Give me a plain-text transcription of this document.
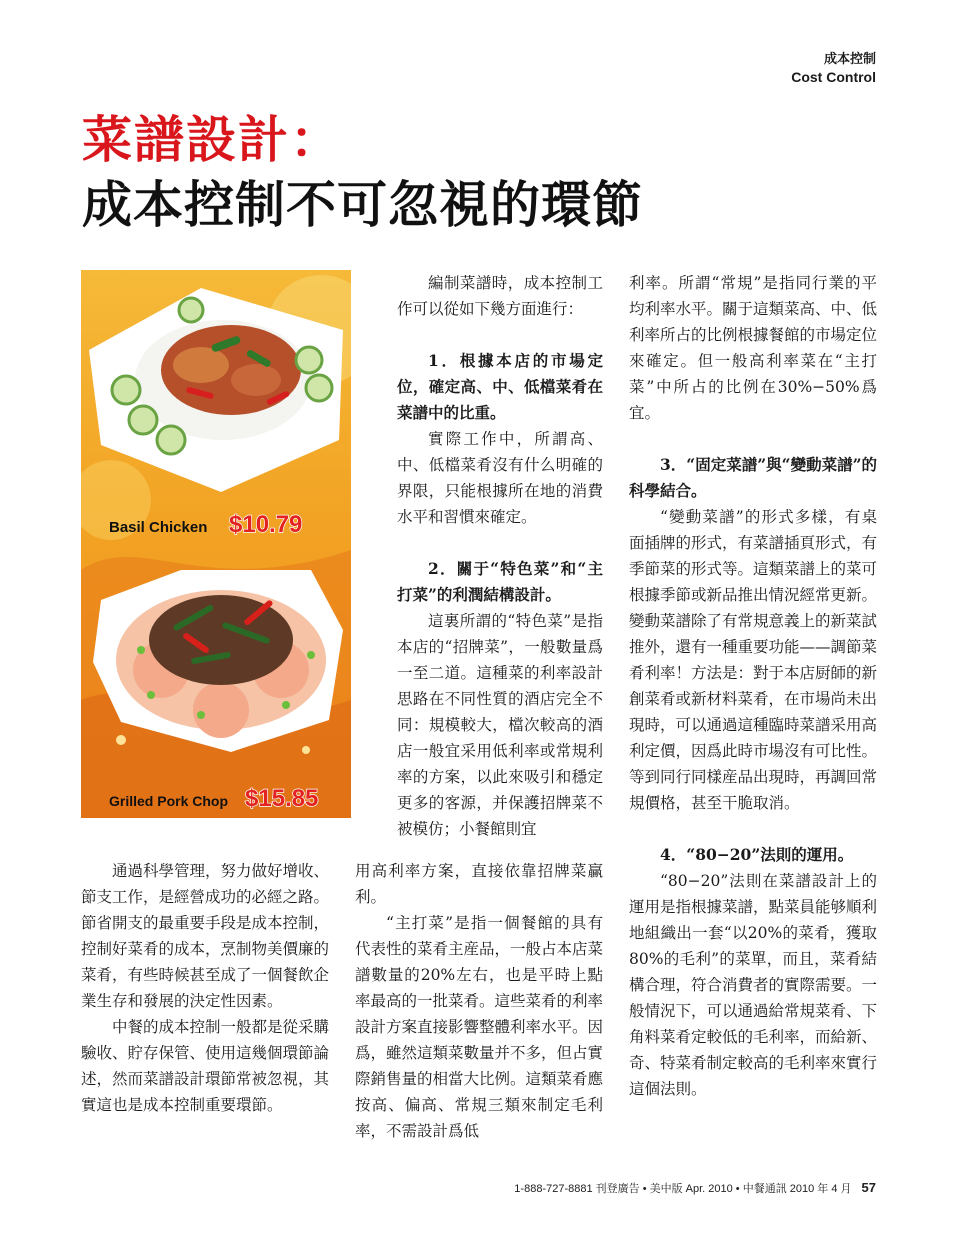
成本控制
Cost Control
菜譜設計：
成本控制不可忽視的環節
Basil Chicken $10.79
Grilled Pork Chop $15.85

通過科學管理，努力做好增收、節支工作，是經營成功的必經之路。節省開支的最重要手段是成本控制，控制好菜肴的成本，烹制物美價廉的菜肴，有些時候甚至成了一個餐飲企業生存和發展的決定性因素。

中餐的成本控制一般都是從采購驗收、貯存保管、使用這幾個環節論述，然而菜譜設計環節常被忽視，其實這也是成本控制重要環節。

編制菜譜時，成本控制工作可以從如下幾方面進行：

1．根據本店的市場定位，確定高、中、低檔菜肴在菜譜中的比重。

實際工作中，所謂高、中、低檔菜肴沒有什么明確的界限，只能根據所在地的消費水平和習慣來確定。

2．關于“特色菜”和“主打菜”的利潤結構設計。

這裏所謂的“特色菜”是指本店的“招牌菜”，一般數量爲一至二道。這種菜的利率設計思路在不同性質的酒店完全不同：規模較大，檔次較高的酒店一般宜采用低利率或常規利率的方案，以此來吸引和穩定更多的客源，并保護招牌菜不被模仿；小餐館則宜

用高利率方案，直接依靠招牌菜贏利。

“主打菜”是指一個餐館的具有代表性的菜肴主産品，一般占本店菜譜數量的20%左右，也是平時上點率最高的一批菜肴。這些菜肴的利率設計方案直接影響整體利率水平。因爲，雖然這類菜數量并不多，但占實際銷售量的相當大比例。這類菜肴應按高、偏高、常規三類來制定毛利率，不需設計爲低

利率。所謂“常規”是指同行業的平均利率水平。關于這類菜高、中、低利率所占的比例根據餐館的市場定位來確定。但一般高利率菜在“主打菜”中所占的比例在30%−50%爲宜。

3．“固定菜譜”與“變動菜譜”的科學結合。

“變動菜譜”的形式多樣，有桌面插牌的形式，有菜譜插頁形式，有季節菜的形式等。這類菜譜上的菜可根據季節或新品推出情況經常更新。變動菜譜除了有常規意義上的新菜試推外，還有一種重要功能——調節菜肴利率！方法是：對于本店厨師的新創菜肴或新材料菜肴，在市場尚未出現時，可以通過這種臨時菜譜采用高利定價，因爲此時市場沒有可比性。等到同行同樣産品出現時，再調回常規價格，甚至干脆取消。

4．“80−20”法則的運用。

“80−20”法則在菜譜設計上的運用是指根據菜譜，點菜員能够順利地組織出一套“以20%的菜肴，獲取80%的毛利”的菜單，而且，菜肴結構合理，符合消費者的實際需要。一般情況下，可以通過給常規菜肴、下角料菜肴定較低的毛利率，而給新、奇、特菜肴制定較高的毛利率來實行這個法則。

1-888-727-8881 刊登廣告 • 美中版 Apr. 2010 • 中餐通訊 2010 年 4 月 57
